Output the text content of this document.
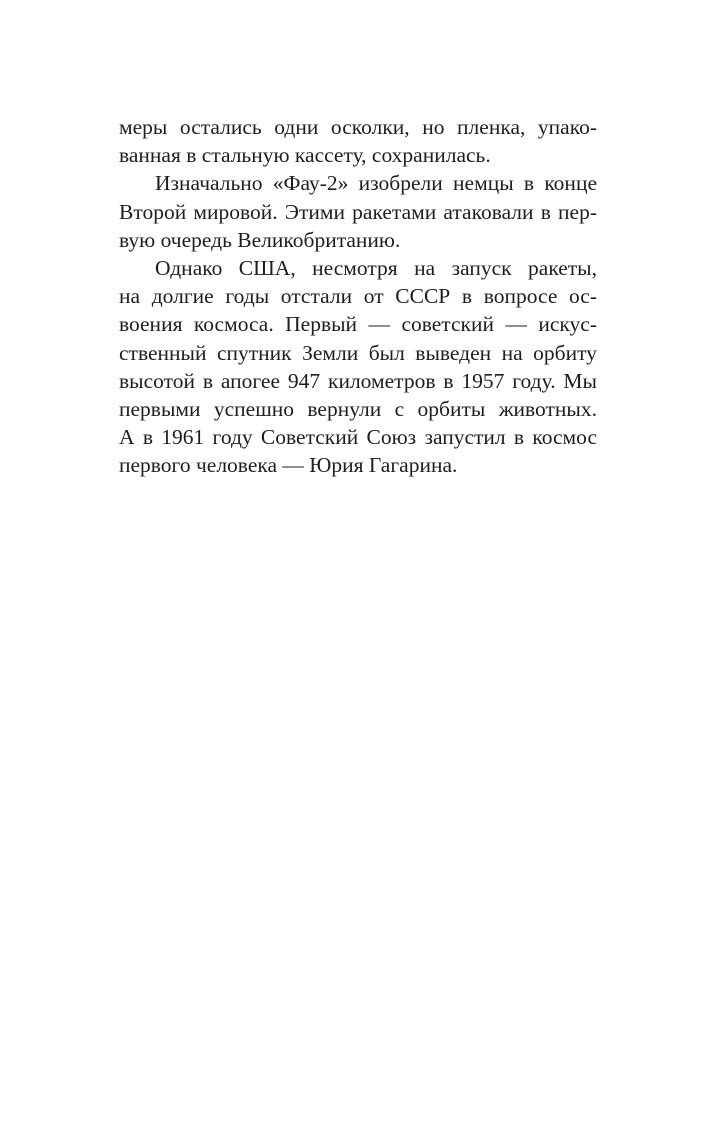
меры остались одни осколки, но пленка, упако-
ванная в стальную кассету, сохранилась.
Изначально «Фау-2» изобрели немцы в конце
Второй мировой. Этими ракетами атаковали в пер-
вую очередь Великобританию.
Однако США, несмотря на запуск ракеты,
на долгие годы отстали от СССР в вопросе ос-
воения космоса. Первый — советский — искус-
ственный спутник Земли был выведен на орбиту
высотой в апогее 947 километров в 1957 году. Мы
первыми успешно вернули с орбиты животных.
А в 1961 году Советский Союз запустил в космос
первого человека — Юрия Гагарина.
